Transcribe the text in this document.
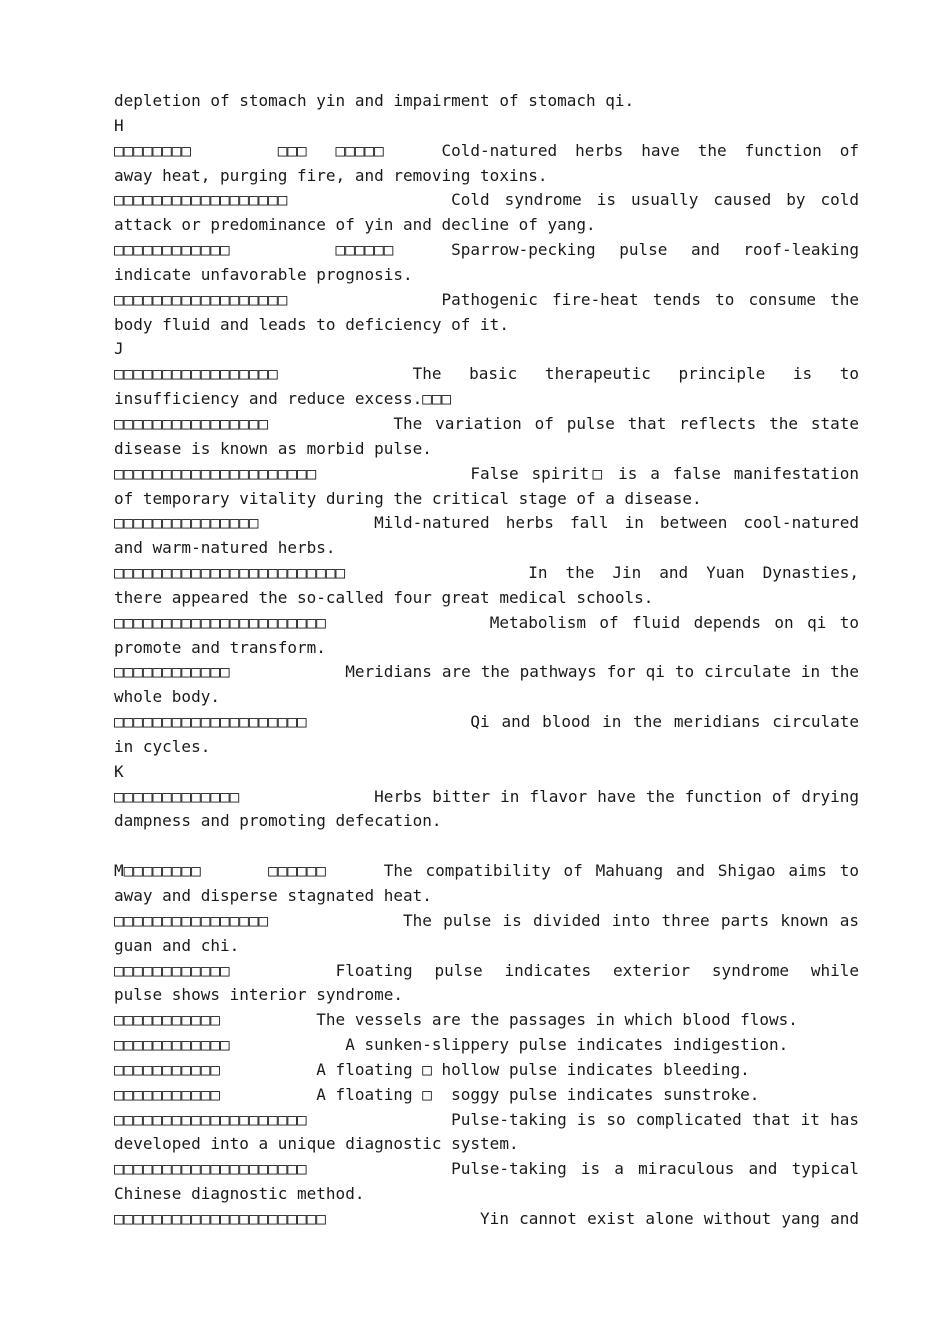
depletion of stomach yin and impairment of stomach qi.
H
□□□□□□□□         □□□   □□□□□ Cold-natured herbs have the function of
away heat, purging fire, and removing toxins.
□□□□□□□□□□□□□□□□□□ Cold syndrome is usually caused by cold
attack or predominance of yin and decline of yang.
□□□□□□□□□□□□           □□□□□□ Sparrow-pecking pulse and roof-leaking
indicate unfavorable prognosis.
□□□□□□□□□□□□□□□□□□ Pathogenic fire-heat tends to consume the
body fluid and leads to deficiency of it.
J
□□□□□□□□□□□□□□□□□ The basic therapeutic principle is to
insufficiency and reduce excess.□□□
□□□□□□□□□□□□□□□□ The variation of pulse that reflects the state
disease is known as morbid pulse.
□□□□□□□□□□□□□□□□□□□□□ False spirit□ is a false manifestation
of temporary vitality during the critical stage of a disease.
□□□□□□□□□□□□□□□ Mild-natured herbs fall in between cool-natured
and warm-natured herbs.
□□□□□□□□□□□□□□□□□□□□□□□□ In the Jin and Yuan Dynasties,
there appeared the so-called four great medical schools.
□□□□□□□□□□□□□□□□□□□□□□ Metabolism of fluid depends on qi to
promote and transform.
□□□□□□□□□□□□ Meridians are the pathways for qi to circulate in the
whole body.
□□□□□□□□□□□□□□□□□□□□ Qi and blood in the meridians circulate
in cycles.
K
□□□□□□□□□□□□□ Herbs bitter in flavor have the function of drying
dampness and promoting defecation.
M□□□□□□□□       □□□□□□ The compatibility of Mahuang and Shigao aims to
away and disperse stagnated heat.
□□□□□□□□□□□□□□□□ The pulse is divided into three parts known as
guan and chi.
□□□□□□□□□□□□ Floating pulse indicates exterior syndrome while
pulse shows interior syndrome.
□□□□□□□□□□□          The vessels are the passages in which blood flows.
□□□□□□□□□□□□            A sunken-slippery pulse indicates indigestion.
□□□□□□□□□□□          A floating □ hollow pulse indicates bleeding.
□□□□□□□□□□□          A floating □  soggy pulse indicates sunstroke.
□□□□□□□□□□□□□□□□□□□□ Pulse-taking is so complicated that it has
developed into a unique diagnostic system.
□□□□□□□□□□□□□□□□□□□□ Pulse-taking is a miraculous and typical
Chinese diagnostic method.
□□□□□□□□□□□□□□□□□□□□□□ Yin cannot exist alone without yang and
